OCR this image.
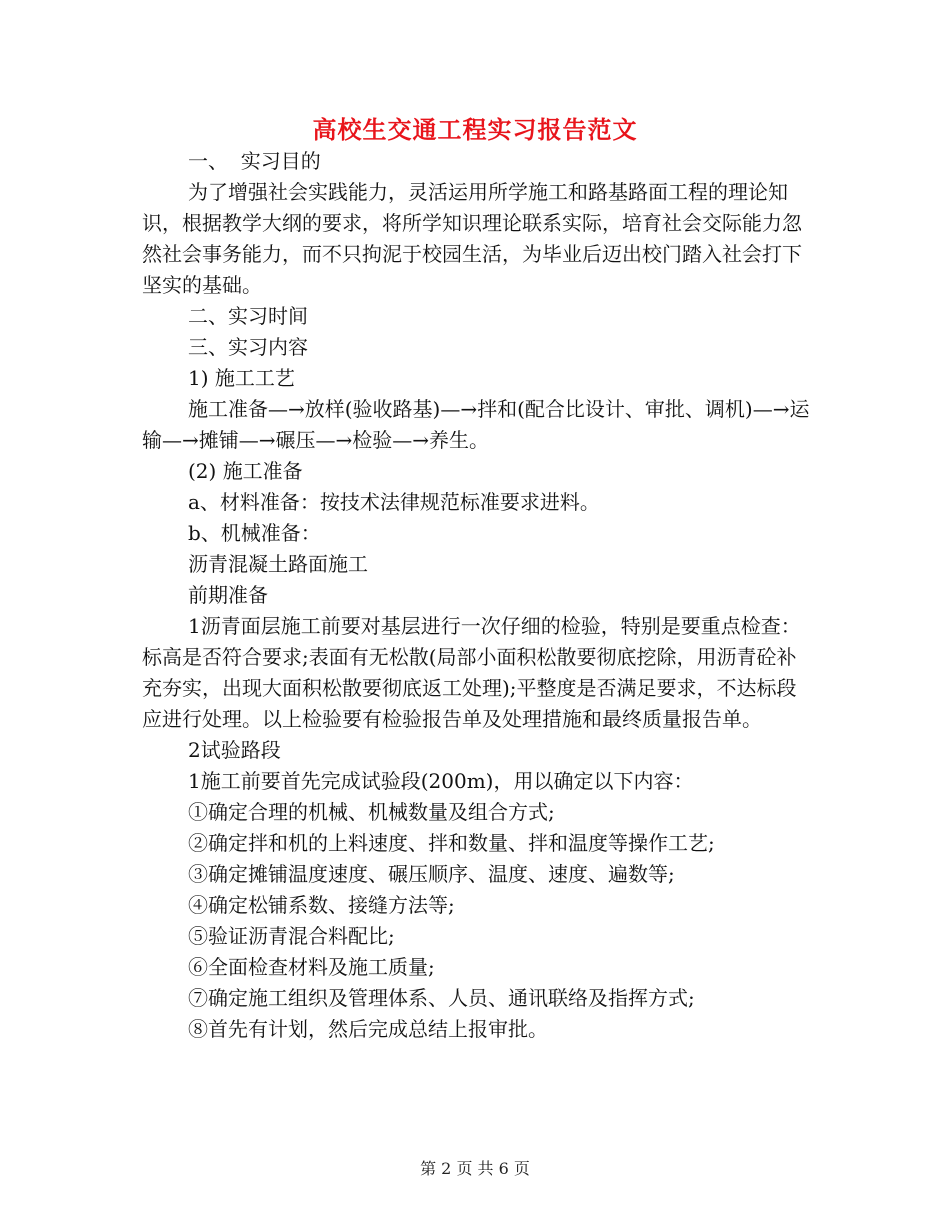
高校生交通工程实习报告范文

一、  实习目的

为了增强社会实践能力，灵活运用所学施工和路基路面工程的理论知识，根据教学大纲的要求，将所学知识理论联系实际，培育社会交际能力忽然社会事务能力，而不只拘泥于校园生活，为毕业后迈出校门踏入社会打下坚实的基础。

二、实习时间

三、实习内容

1) 施工工艺

施工准备—→放样(验收路基)—→拌和(配合比设计、审批、调机)—→运输—→摊铺—→碾压—→检验—→养生。

(2) 施工准备

a、材料准备：按技术法律规范标准要求进料。

b、机械准备：

沥青混凝土路面施工

前期准备

1沥青面层施工前要对基层进行一次仔细的检验，特别是要重点检查：标高是否符合要求;表面有无松散(局部小面积松散要彻底挖除，用沥青砼补充夯实，出现大面积松散要彻底返工处理);平整度是否满足要求，不达标段应进行处理。以上检验要有检验报告单及处理措施和最终质量报告单。

2试验路段

1施工前要首先完成试验段(200m)，用以确定以下内容：

①确定合理的机械、机械数量及组合方式;

②确定拌和机的上料速度、拌和数量、拌和温度等操作工艺;

③确定摊铺温度速度、碾压顺序、温度、速度、遍数等;

④确定松铺系数、接缝方法等;

⑤验证沥青混合料配比;

⑥全面检查材料及施工质量;

⑦确定施工组织及管理体系、人员、通讯联络及指挥方式;

⑧首先有计划，然后完成总结上报审批。

第 2 页 共 6 页
